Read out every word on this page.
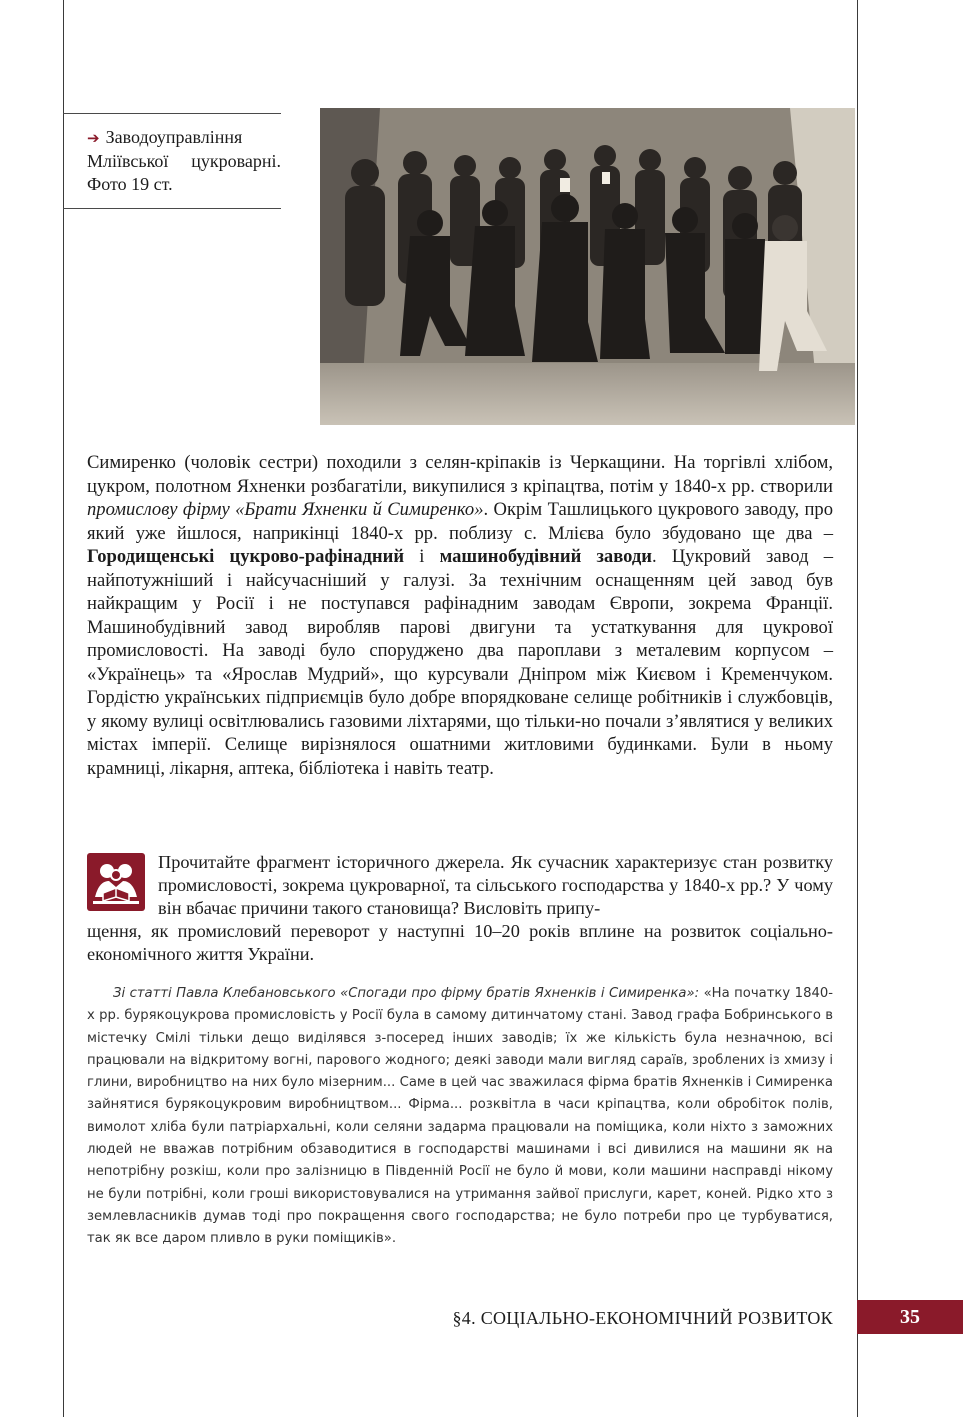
➔ Заводоуправління Мліївської цукроварні. Фото 19 ст.

Симиренко (чоловік сестри) походили з селян-кріпаків із Черкащини. На торгівлі хлібом, цукром, полотном Яхненки розбагатіли, викупилися з кріпацтва, потім у 1840-х рр. створили промислову фірму «Брати Яхненки й Симиренко». Окрім Ташлицького цукрового заводу, про який уже йшлося, наприкінці 1840-х рр. поблизу с. Млієва було збудовано ще два – Городищенські цукрово-рафінадний і машинобудівний заводи. Цукровий завод – найпотужніший і найсучасніший у галузі. За технічним оснащенням цей завод був найкращим у Росії і не поступався рафінадним заводам Європи, зокрема Франції. Машинобудівний завод виробляв парові двигуни та устаткування для цукрової промисловості. На заводі було споруджено два пароплави з металевим корпусом – «Українець» та «Ярослав Мудрий», що курсували Дніпром між Києвом і Кременчуком. Гордістю українських підприємців було добре впорядковане селище робітників і службовців, у якому вулиці освітлювались газовими ліхтарями, що тільки-но почали з’являтися у великих містах імперії. Селище вирізнялося ошатними житловими будинками. Були в ньому крамниці, лікарня, аптека, бібліотека і навіть театр.

Прочитайте фрагмент історичного джерела. Як сучасник характеризує стан розвитку промисловості, зокрема цукроварної, та сільського господарства у 1840-х рр.? У чому він вбачає причини такого становища? Висловіть припу-
щення, як промисловий переворот у наступні 10–20 років вплине на розвиток соціально-економічного життя України.

Зі статті Павла Клебановського «Спогади про фірму братів Яхненків і Симиренка»: «На початку 1840-х рр. бурякоцукрова промисловість у Росії була в самому дитинчатому стані. Завод графа Бобринського в містечку Смілі тільки дещо виділявся з-посеред інших заводів; їх же кількість була незначною, всі працювали на відкритому вогні, парового жодного; деякі заводи мали вигляд сараїв, зроблених із хмизу і глини, виробництво на них було мізерним... Саме в цей час зважилася фірма братів Яхненків і Симиренка зайнятися бурякоцукровим виробництвом... Фірма... розквітла в часи кріпацтва, коли обробіток полів, вимолот хліба були патріархальні, коли селяни задарма працювали на поміщика, коли ніхто з заможних людей не вважав потрібним обзаводитися в господарстві машинами і всі дивилися на машини як на непотрібну розкіш, коли про залізницю в Південній Росії не було й мови, коли машини насправді нікому не були потрібні, коли гроші використовувалися на утримання зайвої прислуги, карет, коней. Рідко хто з землевласників думав тоді про покращення свого господарства; не було потреби про це турбуватися, так як все даром пливло в руки поміщиків».

§4. СОЦІАЛЬНО-ЕКОНОМІЧНИЙ РОЗВИТОК	35
